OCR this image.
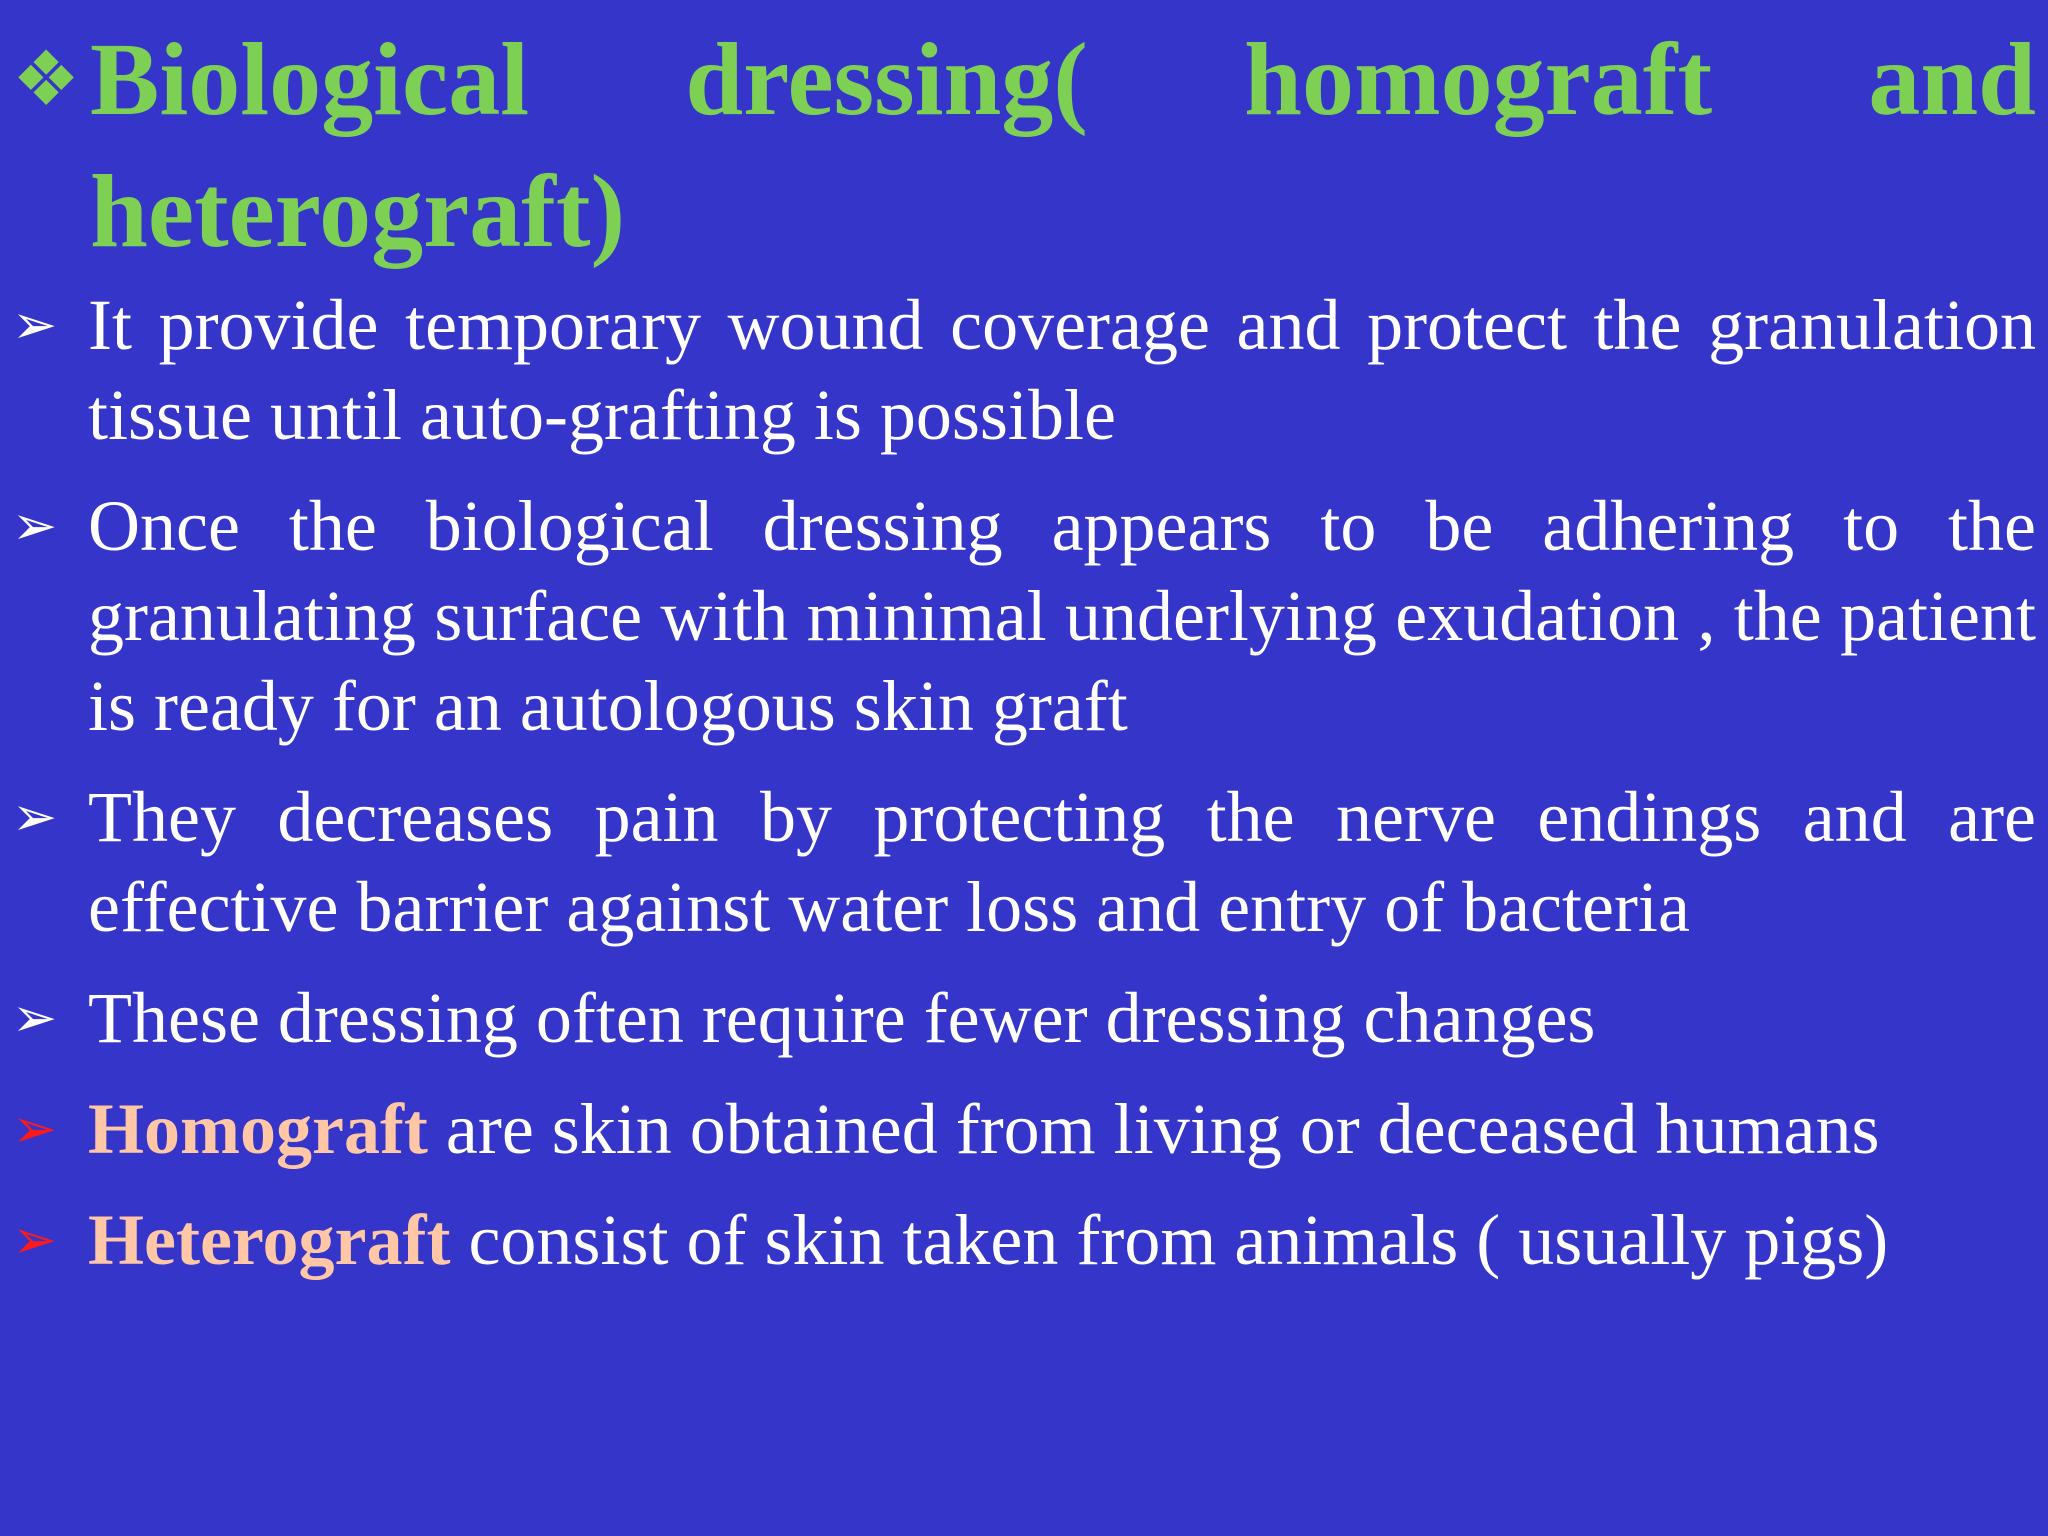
❖ Biological dressing( homograft and heterograft)
➢ It provide temporary wound coverage and protect the granulation tissue until auto-grafting is possible
➢ Once the biological dressing appears to be adhering to the granulating surface with minimal underlying exudation , the patient is ready for an autologous skin graft
➢ They decreases pain by protecting the nerve endings and are effective barrier against water loss and entry of bacteria
➢ These dressing often require fewer dressing changes
➢ Homograft are skin obtained from living or deceased humans
➢ Heterograft consist of skin taken from animals ( usually pigs)
